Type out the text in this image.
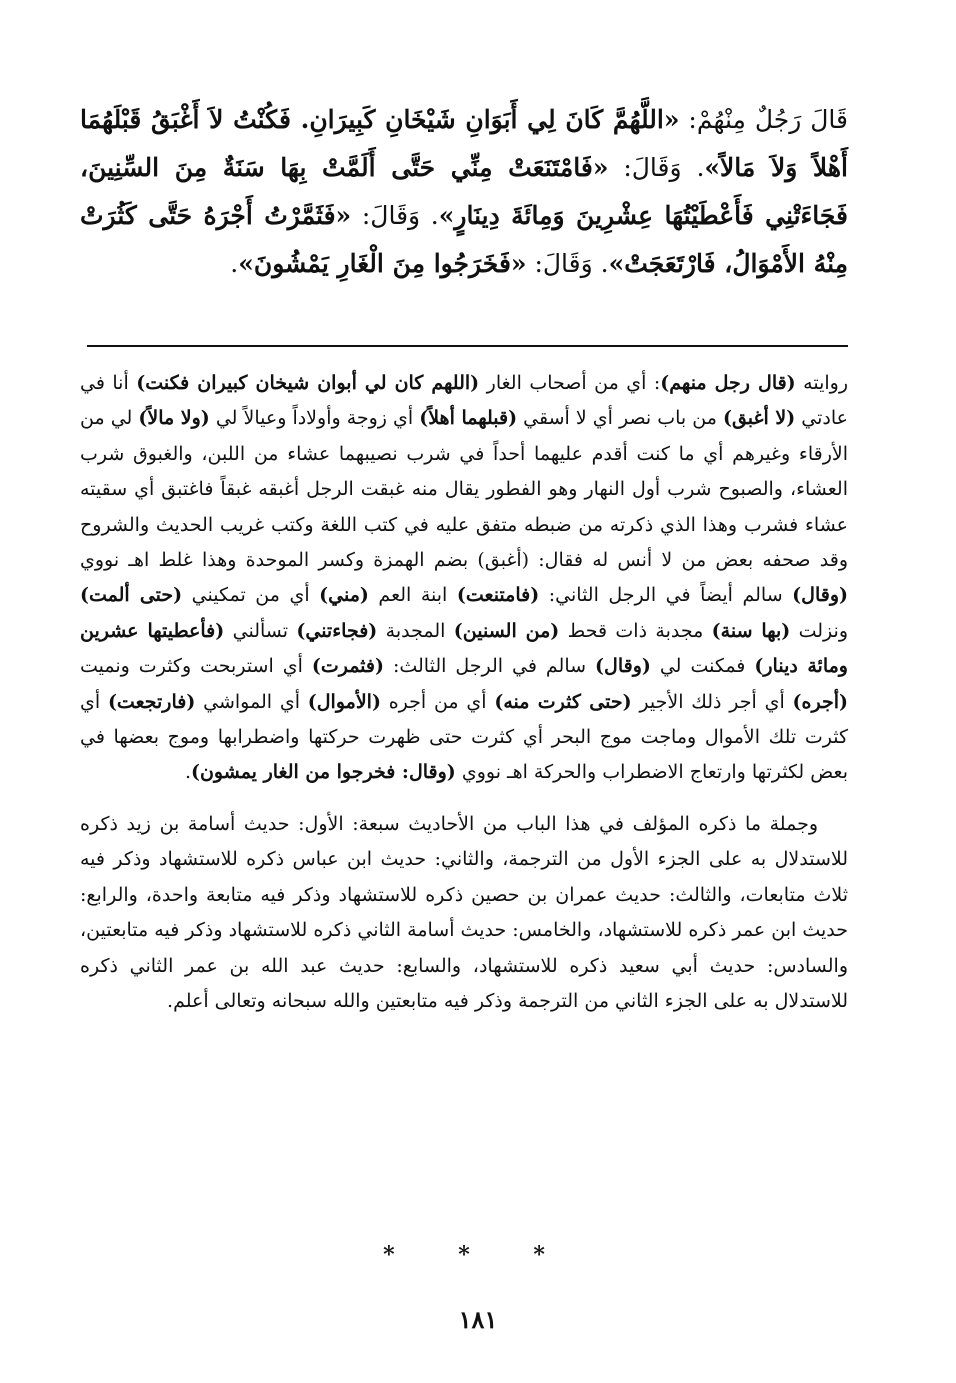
قَالَ رَجُلٌ مِنْهُمْ: «اللَّهُمَّ كَانَ لِي أَبَوَانِ شَيْخَانِ كَبِيرَانِ. فَكُنْتُ لاَ أَغْبَقُ قَبْلَهُمَا أَهْلاً وَلاَ مَالاً». وَقَالَ: «فَامْتَنَعَتْ مِنِّي حَتَّى أَلَمَّتْ بِهَا سَنَةٌ مِنَ السِّنِينَ، فَجَاءَتْنِي فَأَعْطَيْتُهَا عِشْرِينَ وَمِائَةَ دِينَارٍ». وَقَالَ: «فَثَمَّرْتُ أَجْرَهُ حَتَّى كَثُرَتْ مِنْهُ الأَمْوَالُ، فَارْتَعَجَتْ». وَقَالَ: «فَخَرَجُوا مِنَ الْغَارِ يَمْشُونَ».

روايته (قال رجل منهم): أي من أصحاب الغار (اللهم كان لي أبوان شيخان كبيران فكنت) أنا في عادتي (لا أغبق) من باب نصر أي لا أسقي (قبلهما أهلاً) أي زوجة وأولاداً وعيالاً لي (ولا مالاً) لي من الأرقاء وغيرهم أي ما كنت أقدم عليهما أحداً في شرب نصيبهما عشاء من اللبن، والغبوق شرب العشاء، والصبوح شرب أول النهار وهو الفطور يقال منه غبقت الرجل أغبقه غبقاً فاغتبق أي سقيته عشاء فشرب وهذا الذي ذكرته من ضبطه متفق عليه في كتب اللغة وكتب غريب الحديث والشروح وقد صحفه بعض من لا أنس له فقال: (أغبق) بضم الهمزة وكسر الموحدة وهذا غلط اهـ نووي (وقال) سالم أيضاً في الرجل الثاني: (فامتنعت) ابنة العم (مني) أي من تمكيني (حتى ألمت) ونزلت (بها سنة) مجدبة ذات قحط (من السنين) المجدبة (فجاءتني) تسألني (فأعطيتها عشرين ومائة دينار) فمكنت لي (وقال) سالم في الرجل الثالث: (فثمرت) أي استربحت وكثرت ونميت (أجره) أي أجر ذلك الأجير (حتى كثرت منه) أي من أجره (الأموال) أي المواشي (فارتجعت) أي كثرت تلك الأموال وماجت موج البحر أي كثرت حتى ظهرت حركتها واضطرابها وموج بعضها في بعض لكثرتها وارتعاج الاضطراب والحركة اهـ نووي (وقال: فخرجوا من الغار يمشون).

وجملة ما ذكره المؤلف في هذا الباب من الأحاديث سبعة: الأول: حديث أسامة بن زيد ذكره للاستدلال به على الجزء الأول من الترجمة، والثاني: حديث ابن عباس ذكره للاستشهاد وذكر فيه ثلاث متابعات، والثالث: حديث عمران بن حصين ذكره للاستشهاد وذكر فيه متابعة واحدة، والرابع: حديث ابن عمر ذكره للاستشهاد، والخامس: حديث أسامة الثاني ذكره للاستشهاد وذكر فيه متابعتين، والسادس: حديث أبي سعيد ذكره للاستشهاد، والسابع: حديث عبد الله بن عمر الثاني ذكره للاستدلال به على الجزء الثاني من الترجمة وذكر فيه متابعتين والله سبحانه وتعالى أعلم.

* * *
١٨١
